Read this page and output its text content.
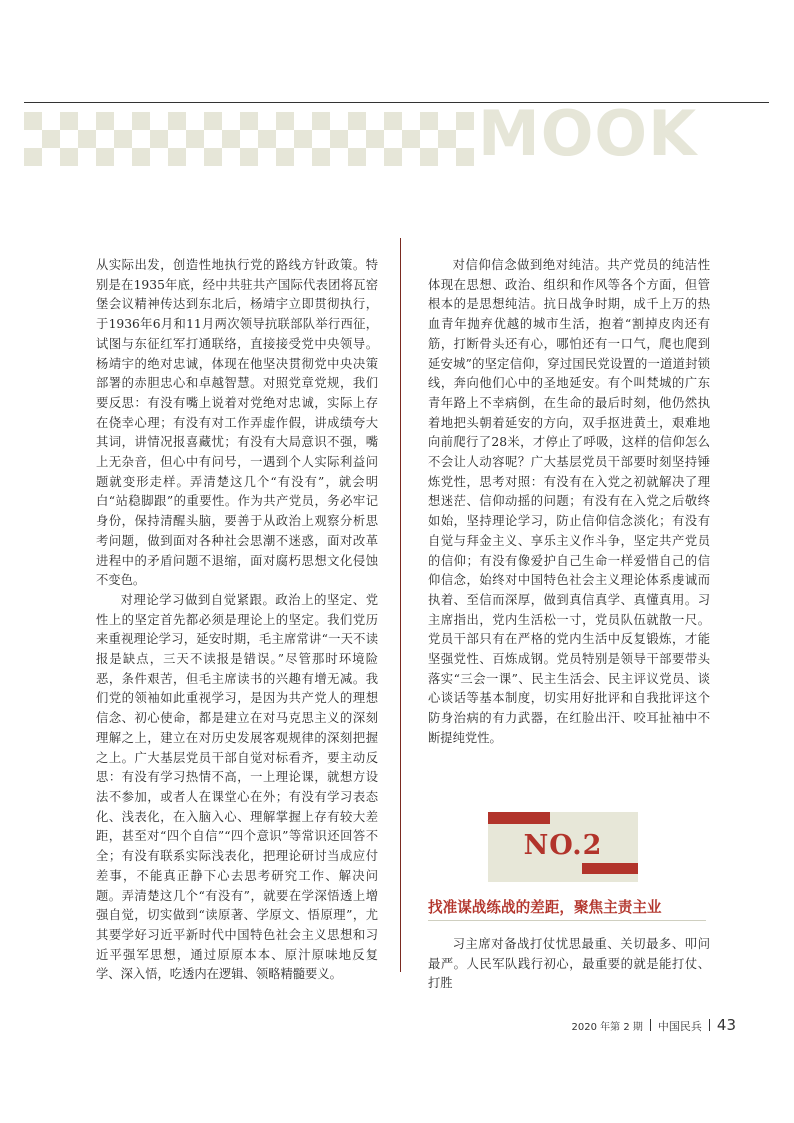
MOOK

从实际出发，创造性地执行党的路线方针政策。特别是在1935年底，经中共驻共产国际代表团将瓦窑堡会议精神传达到东北后，杨靖宇立即贯彻执行，于1936年6月和11月两次领导抗联部队举行西征，试图与东征红军打通联络，直接接受党中央领导。杨靖宇的绝对忠诚，体现在他坚决贯彻党中央决策部署的赤胆忠心和卓越智慧。对照党章党规，我们要反思：有没有嘴上说着对党绝对忠诚，实际上存在侥幸心理；有没有对工作弄虚作假，讲成绩夸大其词，讲情况报喜藏忧；有没有大局意识不强，嘴上无杂音，但心中有问号，一遇到个人实际利益问题就变形走样。弄清楚这几个“有没有”，就会明白“站稳脚跟”的重要性。作为共产党员，务必牢记身份，保持清醒头脑，要善于从政治上观察分析思考问题，做到面对各种社会思潮不迷惑，面对改革进程中的矛盾问题不退缩，面对腐朽思想文化侵蚀不变色。

对理论学习做到自觉紧跟。政治上的坚定、党性上的坚定首先都必须是理论上的坚定。我们党历来重视理论学习，延安时期，毛主席常讲“一天不读报是缺点，三天不读报是错误。”尽管那时环境险恶，条件艰苦，但毛主席读书的兴趣有增无减。我们党的领袖如此重视学习，是因为共产党人的理想信念、初心使命，都是建立在对马克思主义的深刻理解之上，建立在对历史发展客观规律的深刻把握之上。广大基层党员干部自觉对标看齐，要主动反思：有没有学习热情不高，一上理论课，就想方设法不参加，或者人在课堂心在外；有没有学习表态化、浅表化，在入脑入心、理解掌握上存有较大差距，甚至对“四个自信”“四个意识”等常识还回答不全；有没有联系实际浅表化，把理论研讨当成应付差事，不能真正静下心去思考研究工作、解决问题。弄清楚这几个“有没有”，就要在学深悟透上增强自觉，切实做到“读原著、学原文、悟原理”，尤其要学好习近平新时代中国特色社会主义思想和习近平强军思想，通过原原本本、原汁原味地反复学、深入悟，吃透内在逻辑、领略精髓要义。

对信仰信念做到绝对纯洁。共产党员的纯洁性体现在思想、政治、组织和作风等各个方面，但管根本的是思想纯洁。抗日战争时期，成千上万的热血青年抛弃优越的城市生活，抱着“割掉皮肉还有筋，打断骨头还有心，哪怕还有一口气，爬也爬到延安城”的坚定信仰，穿过国民党设置的一道道封锁线，奔向他们心中的圣地延安。有个叫梵城的广东青年路上不幸病倒，在生命的最后时刻，他仍然执着地把头朝着延安的方向，双手抠进黄土，艰难地向前爬行了28米，才停止了呼吸，这样的信仰怎么不会让人动容呢？广大基层党员干部要时刻坚持锤炼党性，思考对照：有没有在入党之初就解决了理想迷茫、信仰动摇的问题；有没有在入党之后敬终如始，坚持理论学习，防止信仰信念淡化；有没有自觉与拜金主义、享乐主义作斗争，坚定共产党员的信仰；有没有像爱护自己生命一样爱惜自己的信仰信念，始终对中国特色社会主义理论体系虔诚而执着、至信而深厚，做到真信真学、真懂真用。习主席指出，党内生活松一寸，党员队伍就散一尺。党员干部只有在严格的党内生活中反复锻炼，才能坚强党性、百炼成钢。党员特别是领导干部要带头落实“三会一课”、民主生活会、民主评议党员、谈心谈话等基本制度，切实用好批评和自我批评这个防身治病的有力武器，在红脸出汗、咬耳扯袖中不断提纯党性。

NO.2
找准谋战练战的差距，聚焦主责主业

习主席对备战打仗忧思最重、关切最多、叩问最严。人民军队践行初心，最重要的就是能打仗、打胜

2020 年第 2 期 中国民兵 43
